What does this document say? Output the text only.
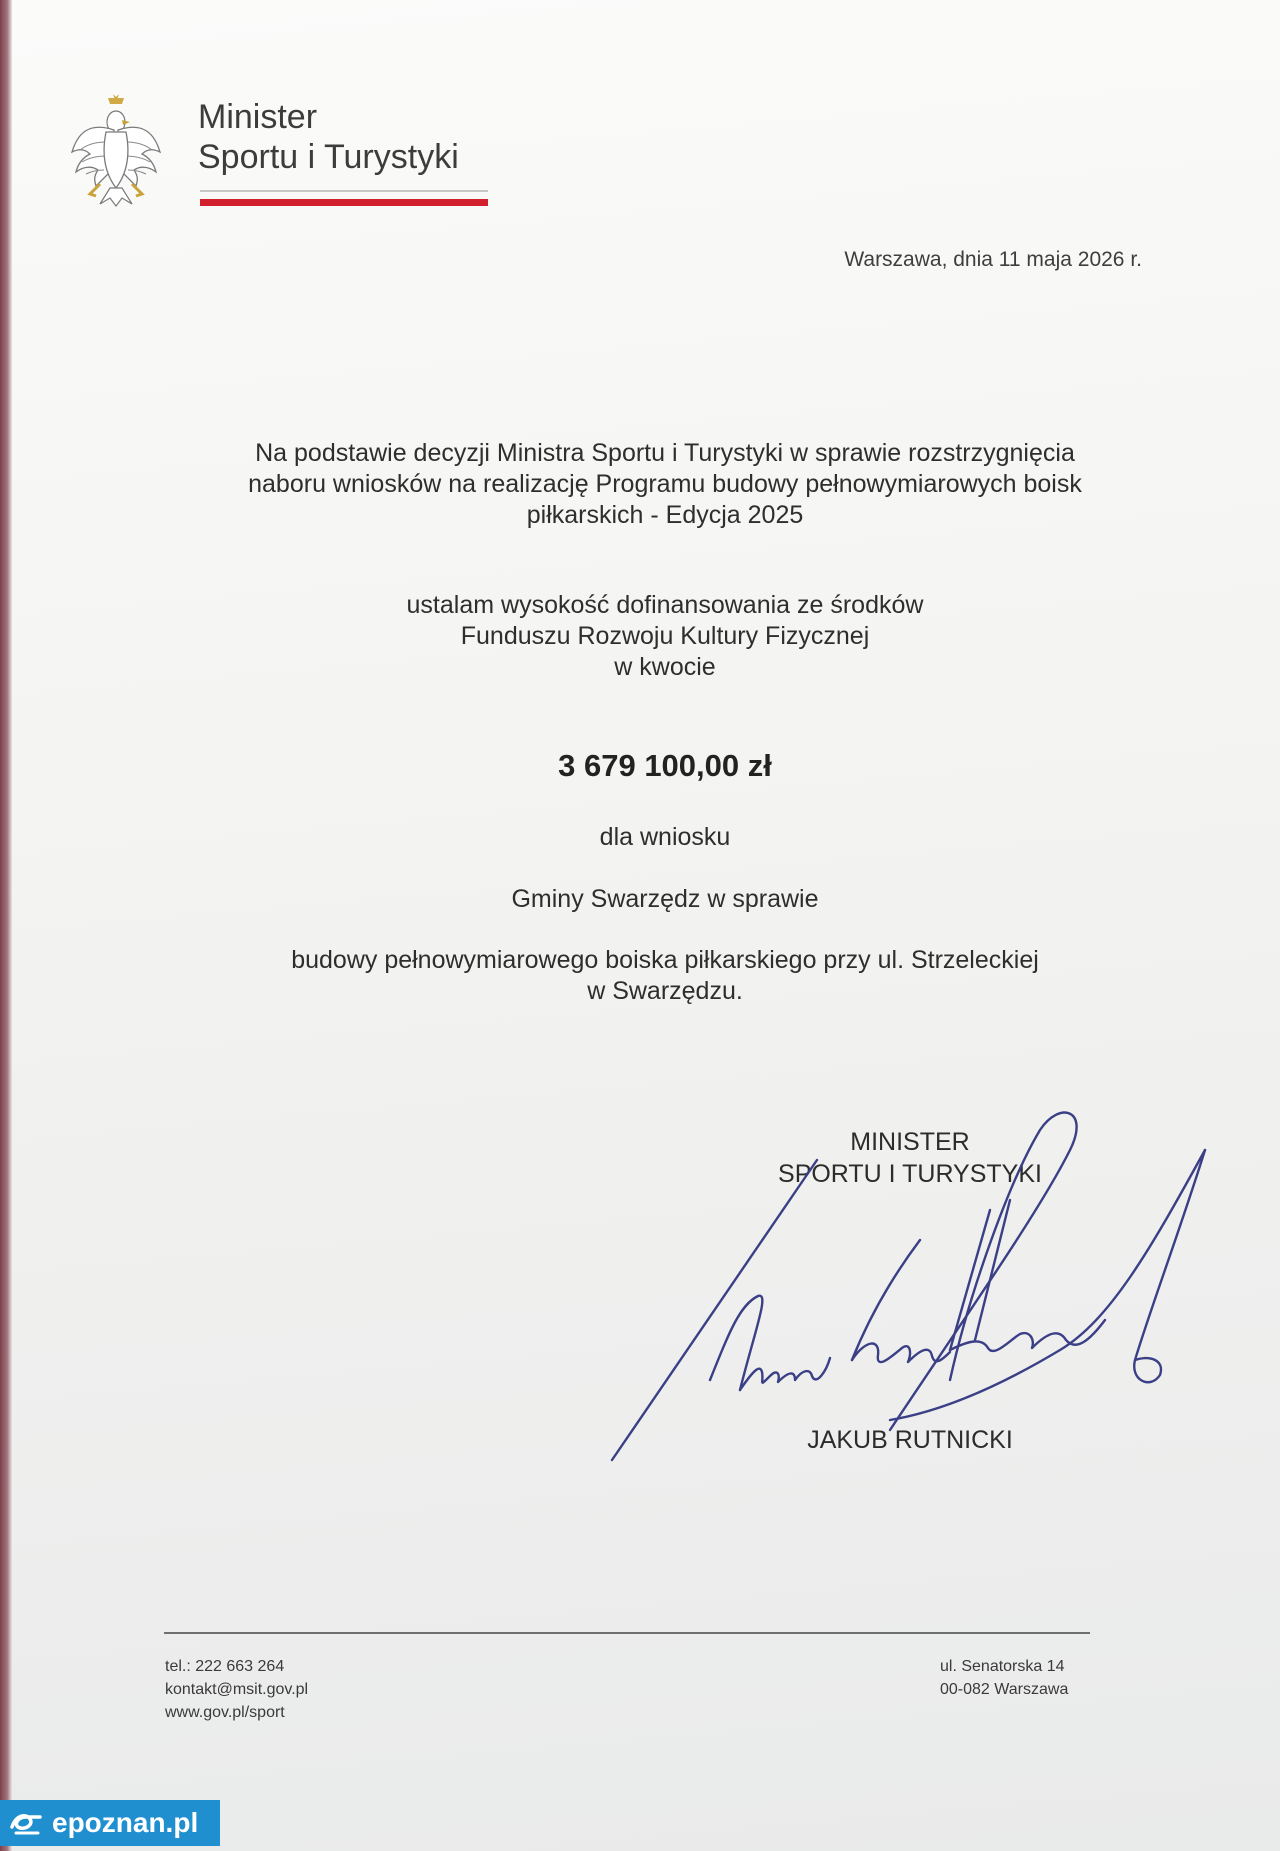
Minister
Sportu i Turystyki
Warszawa, dnia 11 maja 2026 r.
Na podstawie decyzji Ministra Sportu i Turystyki w sprawie rozstrzygnięcia
naboru wniosków na realizację Programu budowy pełnowymiarowych boisk
piłkarskich - Edycja 2025
ustalam wysokość dofinansowania ze środków
Funduszu Rozwoju Kultury Fizycznej
w kwocie
3 679 100,00 zł
dla wniosku
Gminy Swarzędz w sprawie
budowy pełnowymiarowego boiska piłkarskiego przy ul. Strzeleckiej
w Swarzędzu.
MINISTER
SPORTU I TURYSTYKI
JAKUB RUTNICKI
tel.: 222 663 264
kontakt@msit.gov.pl
www.gov.pl/sport
ul. Senatorska 14
00-082 Warszawa
epoznan.pl
